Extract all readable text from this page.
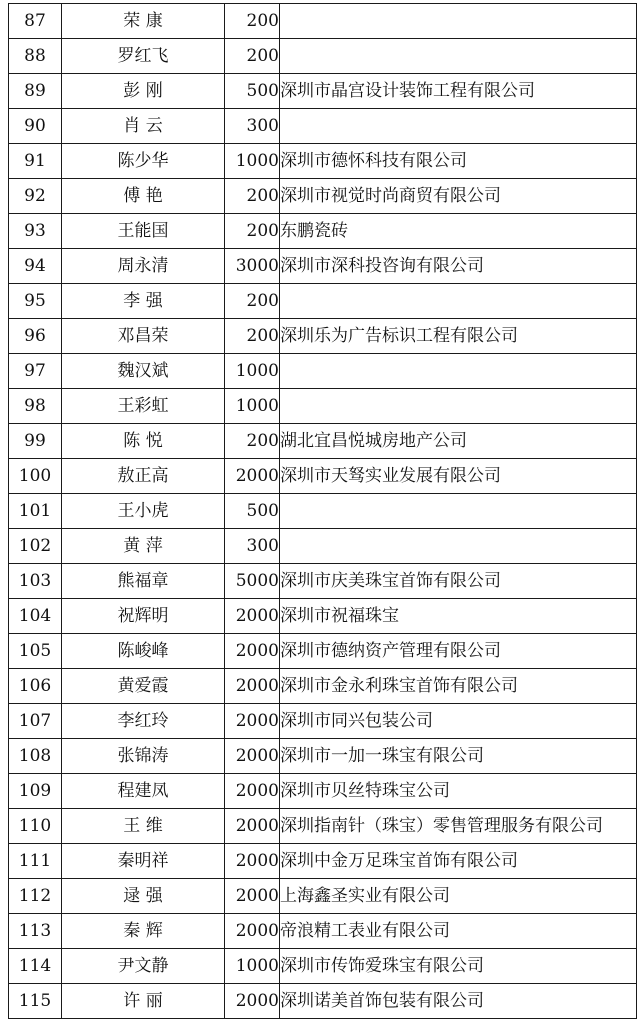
87	荣 康	200	
88	罗红飞	200	
89	彭 刚	500	深圳市晶宫设计装饰工程有限公司
90	肖 云	300	
91	陈少华	1000	深圳市德怀科技有限公司
92	傅 艳	200	深圳市视觉时尚商贸有限公司
93	王能国	200	东鹏瓷砖
94	周永清	3000	深圳市深科投咨询有限公司
95	李 强	200	
96	邓昌荣	200	深圳乐为广告标识工程有限公司
97	魏汉斌	1000	
98	王彩虹	1000	
99	陈 悦	200	湖北宜昌悦城房地产公司
100	敖正高	2000	深圳市天驽实业发展有限公司
101	王小虎	500	
102	黄 萍	300	
103	熊福章	5000	深圳市庆美珠宝首饰有限公司
104	祝辉明	2000	深圳市祝福珠宝
105	陈峻峰	2000	深圳市德纳资产管理有限公司
106	黄爱霞	2000	深圳市金永利珠宝首饰有限公司
107	李红玲	2000	深圳市同兴包装公司
108	张锦涛	2000	深圳市一加一珠宝有限公司
109	程建凤	2000	深圳市贝丝特珠宝公司
110	王 维	2000	深圳指南针（珠宝）零售管理服务有限公司
111	秦明祥	2000	深圳中金万足珠宝首饰有限公司
112	逯 强	2000	上海鑫圣实业有限公司
113	秦 辉	2000	帝浪精工表业有限公司
114	尹文静	1000	深圳市传饰爱珠宝有限公司
115	许 丽	2000	深圳诺美首饰包装有限公司
